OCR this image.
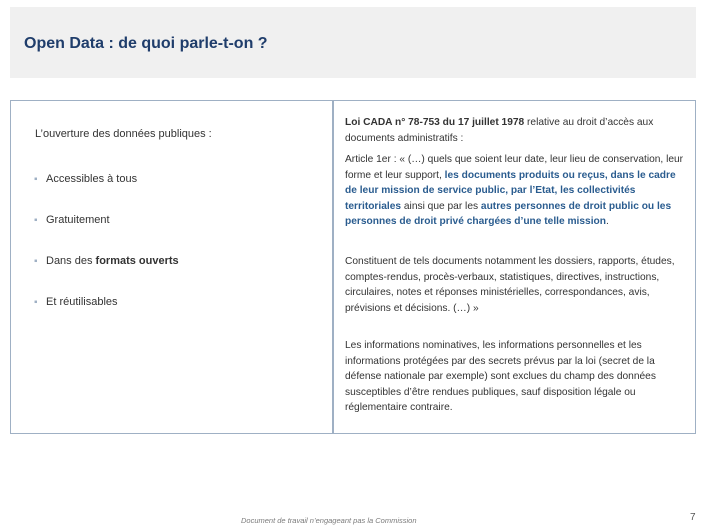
Open Data : de quoi parle-t-on ?
L’ouverture des données publiques :
▪ Accessibles à tous
▪ Gratuitement
▪ Dans des formats ouverts
▪ Et réutilisables
Loi CADA n° 78-753 du 17 juillet 1978 relative au droit d’accès aux documents administratifs :
Article 1er : « (…) quels que soient leur date, leur lieu de conservation, leur forme et leur support, les documents produits ou reçus, dans le cadre de leur mission de service public, par l’Etat, les collectivités territoriales ainsi que par les autres personnes de droit public ou les personnes de droit privé chargées d’une telle mission.
Constituent de tels documents notamment les dossiers, rapports, études, comptes-rendus, procès-verbaux, statistiques, directives, instructions, circulaires, notes et réponses ministérielles, correspondances, avis, prévisions et décisions. (…) »
Les informations nominatives, les informations personnelles et les informations protégées par des secrets prévus par la loi (secret de la défense nationale par exemple) sont exclues du champ des données susceptibles d’être rendues publiques, sauf disposition légale ou réglementaire contraire.
Document de travail n’engageant pas la Commission	7
